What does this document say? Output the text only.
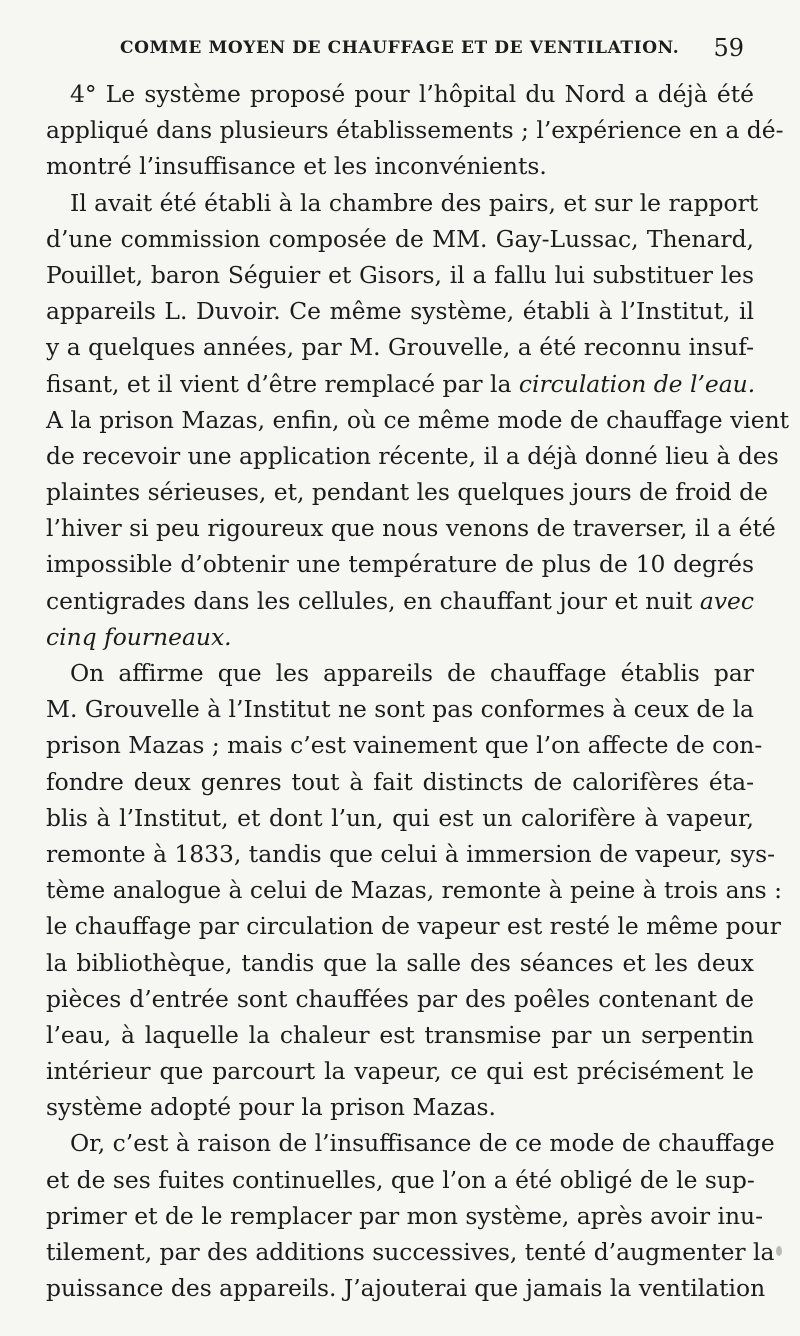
COMME MOYEN DE CHAUFFAGE ET DE VENTILATION. 59
4° Le système proposé pour l’hôpital du Nord a déjà été
appliqué dans plusieurs établissements ; l’expérience en a dé-
montré l’insuffisance et les inconvénients.
Il avait été établi à la chambre des pairs, et sur le rapport
d’une commission composée de MM. Gay-Lussac, Thenard,
Pouillet, baron Séguier et Gisors, il a fallu lui substituer les
appareils L. Duvoir. Ce même système, établi à l’Institut, il
y a quelques années, par M. Grouvelle, a été reconnu insuf-
fisant, et il vient d’être remplacé par la circulation de l’eau.
A la prison Mazas, enfin, où ce même mode de chauffage vient
de recevoir une application récente, il a déjà donné lieu à des
plaintes sérieuses, et, pendant les quelques jours de froid de
l’hiver si peu rigoureux que nous venons de traverser, il a été
impossible d’obtenir une température de plus de 10 degrés
centigrades dans les cellules, en chauffant jour et nuit avec
cinq fourneaux.
On affirme que les appareils de chauffage établis par
M. Grouvelle à l’Institut ne sont pas conformes à ceux de la
prison Mazas ; mais c’est vainement que l’on affecte de con-
fondre deux genres tout à fait distincts de calorifères éta-
blis à l’Institut, et dont l’un, qui est un calorifère à vapeur,
remonte à 1833, tandis que celui à immersion de vapeur, sys-
tème analogue à celui de Mazas, remonte à peine à trois ans :
le chauffage par circulation de vapeur est resté le même pour
la bibliothèque, tandis que la salle des séances et les deux
pièces d’entrée sont chauffées par des poêles contenant de
l’eau, à laquelle la chaleur est transmise par un serpentin
intérieur que parcourt la vapeur, ce qui est précisément le
système adopté pour la prison Mazas.
Or, c’est à raison de l’insuffisance de ce mode de chauffage
et de ses fuites continuelles, que l’on a été obligé de le sup-
primer et de le remplacer par mon système, après avoir inu-
tilement, par des additions successives, tenté d’augmenter la
puissance des appareils. J’ajouterai que jamais la ventilation
